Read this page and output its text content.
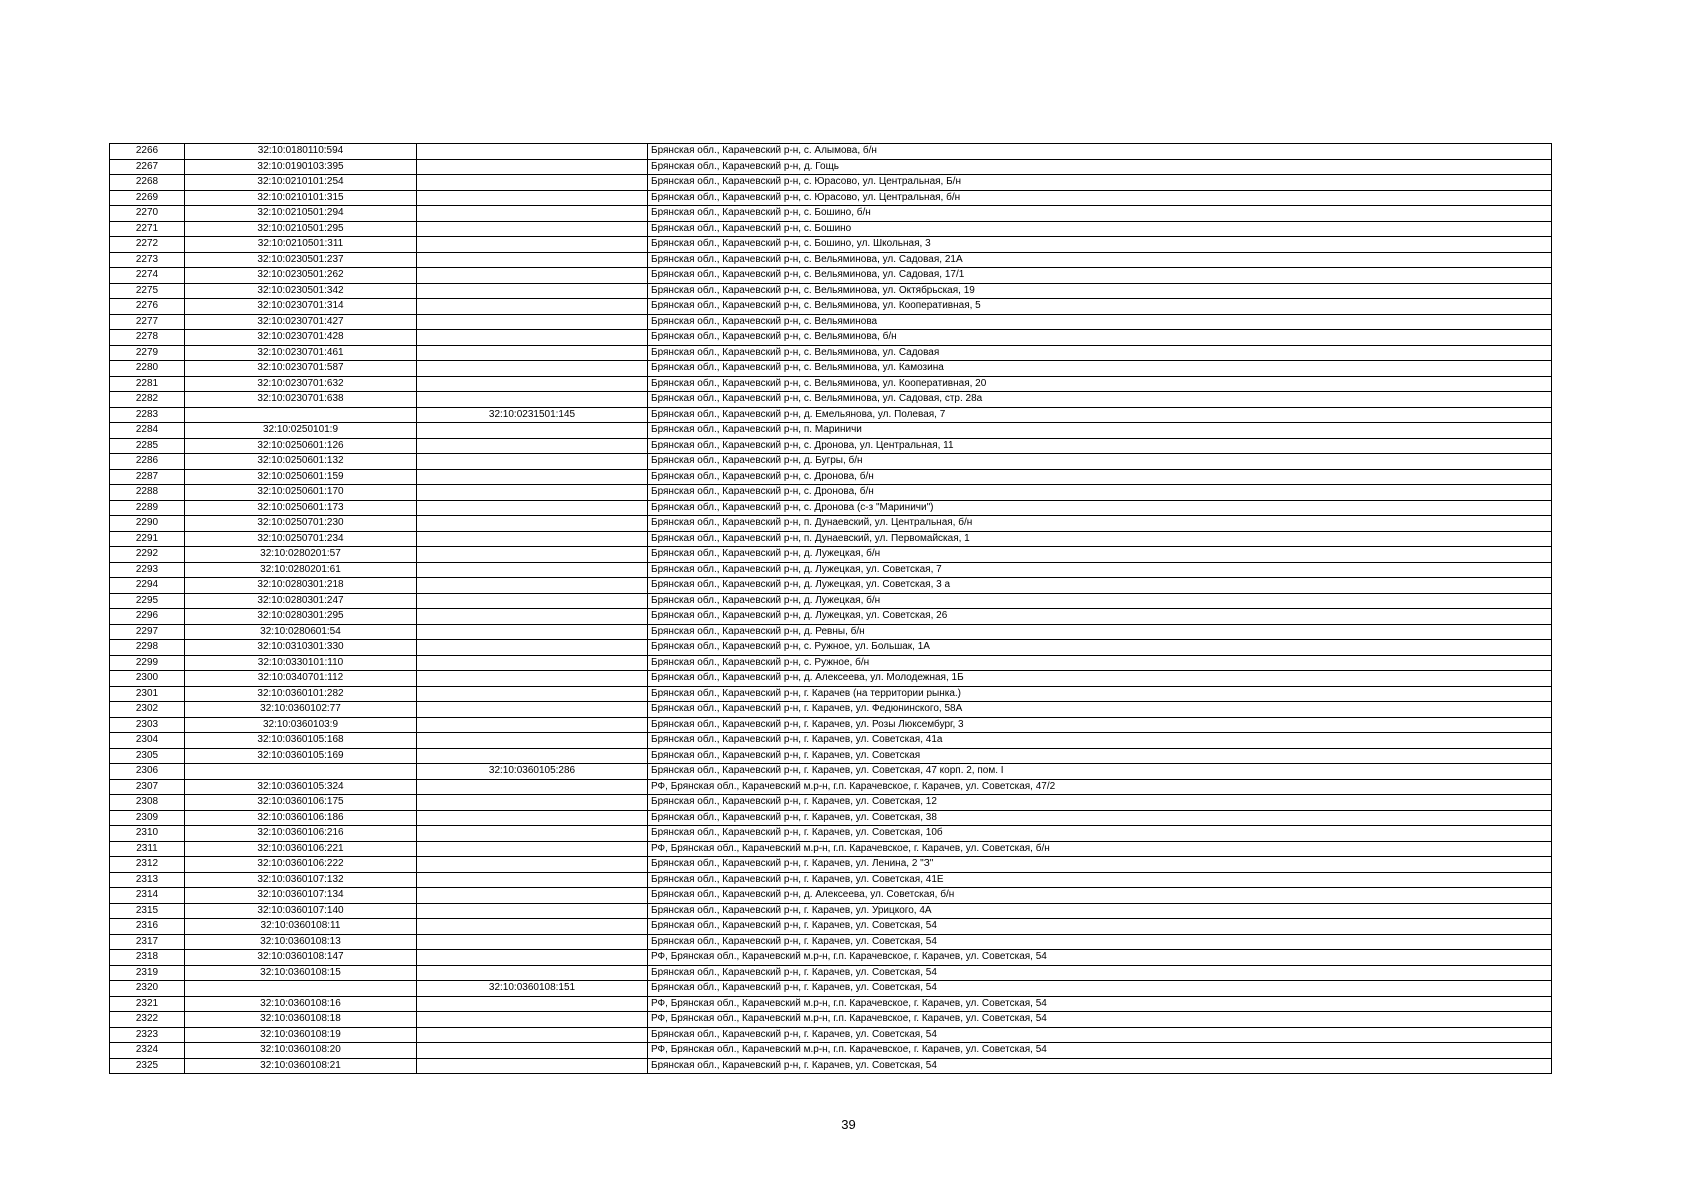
2266	32:10:0180110:594		Брянская обл., Карачевский р-н, с. Алымова, б/н
2267	32:10:0190103:395		Брянская обл., Карачевский р-н, д. Гощь
2268	32:10:0210101:254		Брянская обл., Карачевский р-н, с. Юрасово, ул. Центральная, Б/н
2269	32:10:0210101:315		Брянская обл., Карачевский р-н, с. Юрасово, ул. Центральная, б/н
2270	32:10:0210501:294		Брянская обл., Карачевский р-н, с. Бошино, б/н
2271	32:10:0210501:295		Брянская обл., Карачевский р-н, с. Бошино
2272	32:10:0210501:311		Брянская обл., Карачевский р-н, с. Бошино, ул. Школьная, 3
2273	32:10:0230501:237		Брянская обл., Карачевский р-н, с. Вельяминова, ул. Садовая, 21А
2274	32:10:0230501:262		Брянская обл., Карачевский р-н, с. Вельяминова, ул. Садовая, 17/1
2275	32:10:0230501:342		Брянская обл., Карачевский р-н, с. Вельяминова, ул. Октябрьская, 19
2276	32:10:0230701:314		Брянская обл., Карачевский р-н, с. Вельяминова, ул. Кооперативная, 5
2277	32:10:0230701:427		Брянская обл., Карачевский р-н, с. Вельяминова
2278	32:10:0230701:428		Брянская обл., Карачевский р-н, с. Вельяминова, б/н
2279	32:10:0230701:461		Брянская обл., Карачевский р-н, с. Вельяминова, ул. Садовая
2280	32:10:0230701:587		Брянская обл., Карачевский р-н, с. Вельяминова, ул. Камозина
2281	32:10:0230701:632		Брянская обл., Карачевский р-н, с. Вельяминова, ул. Кооперативная, 20
2282	32:10:0230701:638		Брянская обл., Карачевский р-н, с. Вельяминова, ул. Садовая, стр. 28а
2283		32:10:0231501:145	Брянская обл., Карачевский р-н, д. Емельянова, ул. Полевая, 7
2284	32:10:0250101:9		Брянская обл., Карачевский р-н, п. Мариничи
2285	32:10:0250601:126		Брянская обл., Карачевский р-н, с. Дронова, ул. Центральная, 11
2286	32:10:0250601:132		Брянская обл., Карачевский р-н, д. Бугры, б/н
2287	32:10:0250601:159		Брянская обл., Карачевский р-н, с. Дронова, б/н
2288	32:10:0250601:170		Брянская обл., Карачевский р-н, с. Дронова, б/н
2289	32:10:0250601:173		Брянская обл., Карачевский р-н, с. Дронова (с-з "Мариничи")
2290	32:10:0250701:230		Брянская обл., Карачевский р-н, п. Дунаевский, ул. Центральная, б/н
2291	32:10:0250701:234		Брянская обл., Карачевский р-н, п. Дунаевский, ул. Первомайская, 1
2292	32:10:0280201:57		Брянская обл., Карачевский р-н, д. Лужецкая, б/н
2293	32:10:0280201:61		Брянская обл., Карачевский р-н, д. Лужецкая, ул. Советская, 7
2294	32:10:0280301:218		Брянская обл., Карачевский р-н, д. Лужецкая, ул. Советская, 3 а
2295	32:10:0280301:247		Брянская обл., Карачевский р-н, д. Лужецкая, б/н
2296	32:10:0280301:295		Брянская обл., Карачевский р-н, д. Лужецкая, ул. Советская, 26
2297	32:10:0280601:54		Брянская обл., Карачевский р-н, д. Ревны, б/н
2298	32:10:0310301:330		Брянская обл., Карачевский р-н, с. Ружное, ул. Большак, 1А
2299	32:10:0330101:110		Брянская обл., Карачевский р-н, с. Ружное, б/н
2300	32:10:0340701:112		Брянская обл., Карачевский р-н, д. Алексеева, ул. Молодежная, 1Б
2301	32:10:0360101:282		Брянская обл., Карачевский р-н, г. Карачев (на территории рынка.)
2302	32:10:0360102:77		Брянская обл., Карачевский р-н, г. Карачев, ул. Федюнинского, 58А
2303	32:10:0360103:9		Брянская обл., Карачевский р-н, г. Карачев, ул. Розы Люксембург, 3
2304	32:10:0360105:168		Брянская обл., Карачевский р-н, г. Карачев, ул. Советская, 41а
2305	32:10:0360105:169		Брянская обл., Карачевский р-н, г. Карачев, ул. Советская
2306		32:10:0360105:286	Брянская обл., Карачевский р-н, г. Карачев, ул. Советская, 47 корп. 2, пом. I
2307	32:10:0360105:324		РФ, Брянская обл., Карачевский м.р-н, г.п. Карачевское, г. Карачев, ул. Советская, 47/2
2308	32:10:0360106:175		Брянская обл., Карачевский р-н, г. Карачев, ул. Советская, 12
2309	32:10:0360106:186		Брянская обл., Карачевский р-н, г. Карачев, ул. Советская, 38
2310	32:10:0360106:216		Брянская обл., Карачевский р-н, г. Карачев, ул. Советская, 10б
2311	32:10:0360106:221		РФ, Брянская обл., Карачевский м.р-н, г.п. Карачевское, г. Карачев, ул. Советская, б/н
2312	32:10:0360106:222		Брянская обл., Карачевский р-н, г. Карачев, ул. Ленина, 2 "З"
2313	32:10:0360107:132		Брянская обл., Карачевский р-н, г. Карачев, ул. Советская, 41Е
2314	32:10:0360107:134		Брянская обл., Карачевский р-н, д. Алексеева, ул. Советская, б/н
2315	32:10:0360107:140		Брянская обл., Карачевский р-н, г. Карачев, ул. Урицкого, 4А
2316	32:10:0360108:11		Брянская обл., Карачевский р-н, г. Карачев, ул. Советская, 54
2317	32:10:0360108:13		Брянская обл., Карачевский р-н, г. Карачев, ул. Советская, 54
2318	32:10:0360108:147		РФ, Брянская обл., Карачевский м.р-н, г.п. Карачевское, г. Карачев, ул. Советская, 54
2319	32:10:0360108:15		Брянская обл., Карачевский р-н, г. Карачев, ул. Советская, 54
2320		32:10:0360108:151	Брянская обл., Карачевский р-н, г. Карачев, ул. Советская, 54
2321	32:10:0360108:16		РФ, Брянская обл., Карачевский м.р-н, г.п. Карачевское, г. Карачев, ул. Советская, 54
2322	32:10:0360108:18		РФ, Брянская обл., Карачевский м.р-н, г.п. Карачевское, г. Карачев, ул. Советская, 54
2323	32:10:0360108:19		Брянская обл., Карачевский р-н, г. Карачев, ул. Советская, 54
2324	32:10:0360108:20		РФ, Брянская обл., Карачевский м.р-н, г.п. Карачевское, г. Карачев, ул. Советская, 54
2325	32:10:0360108:21		Брянская обл., Карачевский р-н, г. Карачев, ул. Советская, 54
39
